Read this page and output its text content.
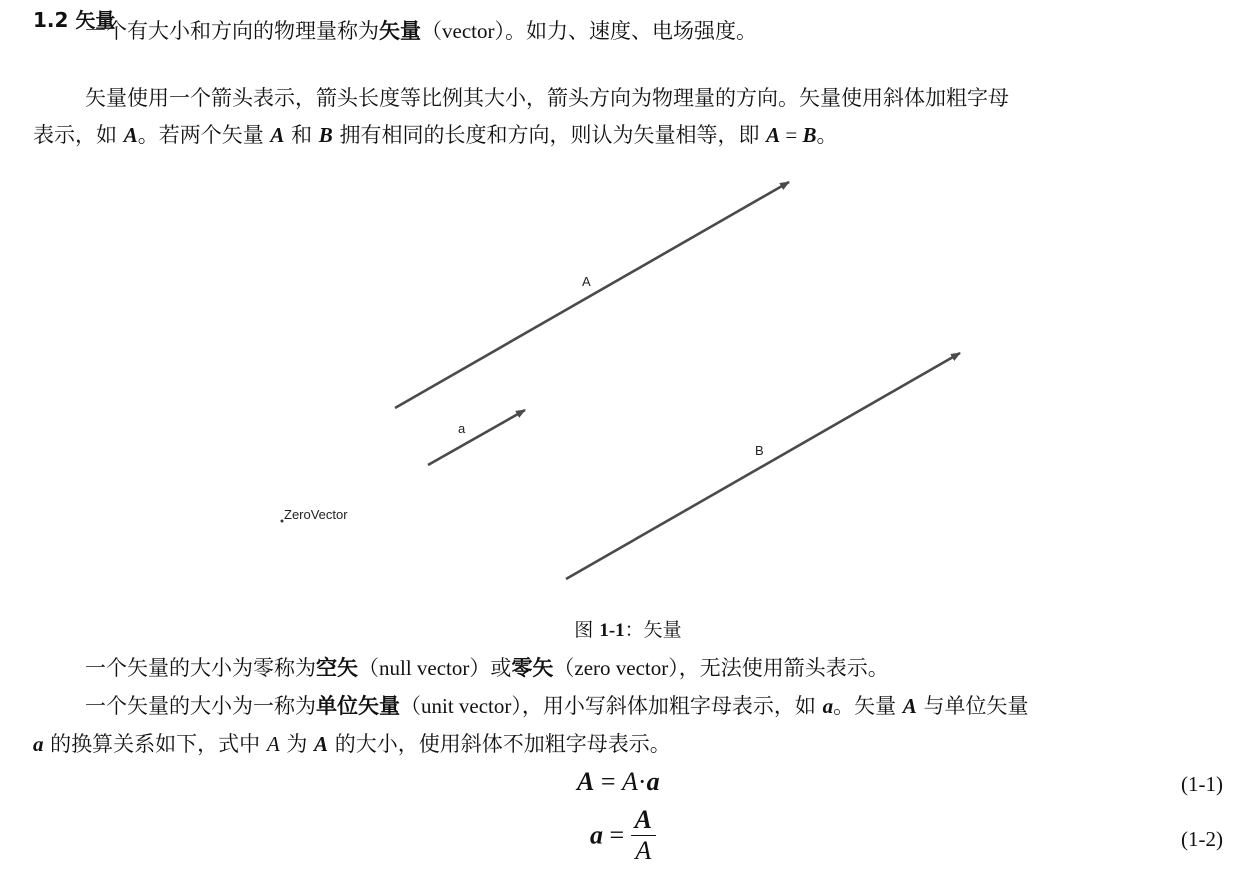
1.2 矢量
一个有大小和方向的物理量称为矢量（vector）。如力、速度、电场强度。
矢量使用一个箭头表示，箭头长度等比例其大小，箭头方向为物理量的方向。矢量使用斜体加粗字母
表示，如 A。若两个矢量 A 和 B 拥有相同的长度和方向，则认为矢量相等，即 A = B。
A
B
a
ZeroVector
图 1-1：矢量
一个矢量的大小为零称为空矢（null vector）或零矢（zero vector），无法使用箭头表示。
一个矢量的大小为一称为单位矢量（unit vector），用小写斜体加粗字母表示，如 a。矢量 A 与单位矢量
a 的换算关系如下，式中 A 为 A 的大小，使用斜体不加粗字母表示。
A = A·a	(1-1)
$a = \frac{A}{A}$	(1-2)
